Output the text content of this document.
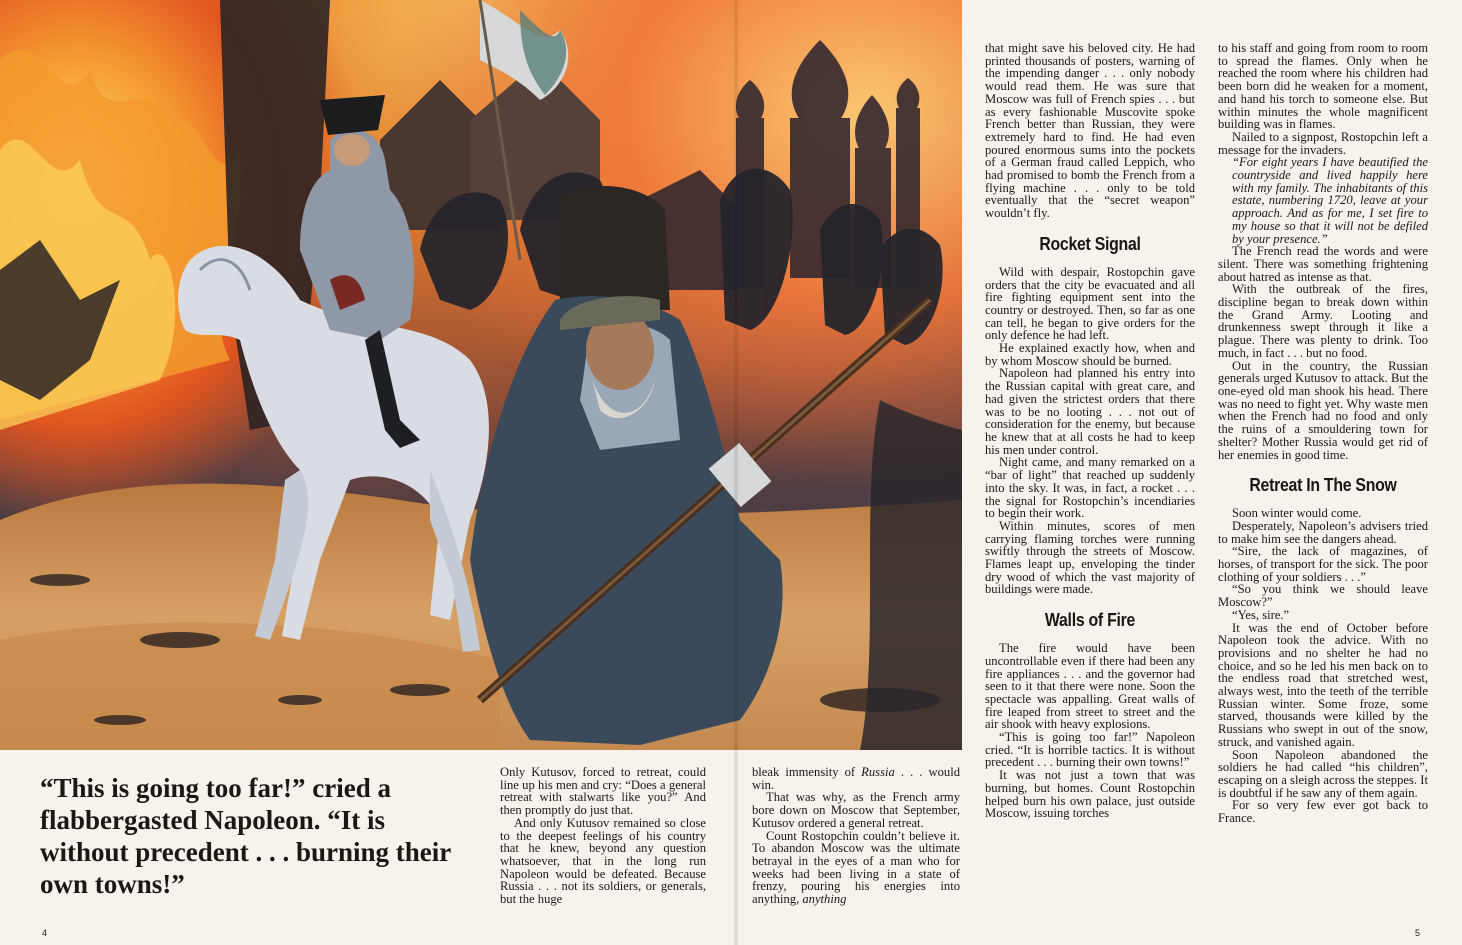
“This is going too far!” cried a flabbergasted Napoleon. “It is without precedent . . . burning their own towns!”

Only Kutusov, forced to retreat, could line up his men and cry: “Does a general retreat with stalwarts like you?” And then promptly do just that.

And only Kutusov remained so close to the deepest feelings of his country that he knew, beyond any question whatsoever, that in the long run Napoleon would be defeated. Because Russia . . . not its soldiers, or generals, but the huge

bleak immensity of Russia . . . would win.

That was why, as the French army bore down on Moscow that September, Kutusov ordered a general retreat.

Count Rostopchin couldn’t believe it. To abandon Moscow was the ultimate betrayal in the eyes of a man who for weeks had been living in a state of frenzy, pouring his energies into anything, anything

that might save his beloved city. He had printed thousands of posters, warning of the impending danger . . . only nobody would read them. He was sure that Moscow was full of French spies . . . but as every fashionable Muscovite spoke French better than Russian, they were extremely hard to find. He had even poured enormous sums into the pockets of a German fraud called Leppich, who had promised to bomb the French from a flying machine . . . only to be told eventually that the “secret weapon” wouldn’t fly.

Rocket Signal

Wild with despair, Rostopchin gave orders that the city be evacuated and all fire fighting equipment sent into the country or destroyed. Then, so far as one can tell, he began to give orders for the only defence he had left.

He explained exactly how, when and by whom Moscow should be burned.

Napoleon had planned his entry into the Russian capital with great care, and had given the strictest orders that there was to be no looting . . . not out of consideration for the enemy, but because he knew that at all costs he had to keep his men under control.

Night came, and many remarked on a “bar of light” that reached up suddenly into the sky. It was, in fact, a rocket . . . the signal for Rostopchin’s incendiaries to begin their work.

Within minutes, scores of men carrying flaming torches were running swiftly through the streets of Moscow. Flames leapt up, enveloping the tinder dry wood of which the vast majority of buildings were made.

Walls of Fire

The fire would have been uncontrollable even if there had been any fire appliances . . . and the governor had seen to it that there were none. Soon the spectacle was appalling. Great walls of fire leaped from street to street and the air shook with heavy explosions.

“This is going too far!” Napoleon cried. “It is horrible tactics. It is without precedent . . . burning their own towns!”

It was not just a town that was burning, but homes. Count Rostopchin helped burn his own palace, just outside Moscow, issuing torches

to his staff and going from room to room to spread the flames. Only when he reached the room where his children had been born did he weaken for a moment, and hand his torch to someone else. But within minutes the whole magnificent building was in flames.

Nailed to a signpost, Rostopchin left a message for the invaders.

“For eight years I have beautified the countryside and lived happily here with my family. The inhabitants of this estate, numbering 1720, leave at your approach. And as for me, I set fire to my house so that it will not be defiled by your presence.”

The French read the words and were silent. There was something frightening about hatred as intense as that.

With the outbreak of the fires, discipline began to break down within the Grand Army. Looting and drunkenness swept through it like a plague. There was plenty to drink. Too much, in fact . . . but no food.

Out in the country, the Russian generals urged Kutusov to attack. But the one-eyed old man shook his head. There was no need to fight yet. Why waste men when the French had no food and only the ruins of a smouldering town for shelter? Mother Russia would get rid of her enemies in good time.

Retreat In The Snow

Soon winter would come.

Desperately, Napoleon’s advisers tried to make him see the dangers ahead.

“Sire, the lack of magazines, of horses, of transport for the sick. The poor clothing of your soldiers . . .”

“So you think we should leave Moscow?”

“Yes, sire.”

It was the end of October before Napoleon took the advice. With no provisions and no shelter he had no choice, and so he led his men back on to the endless road that stretched west, always west, into the teeth of the terrible Russian winter. Some froze, some starved, thousands were killed by the Russians who swept in out of the snow, struck, and vanished again.

Soon Napoleon abandoned the soldiers he had called “his children”, escaping on a sleigh across the steppes. It is doubtful if he saw any of them again.

For so very few ever got back to France.

4	5
